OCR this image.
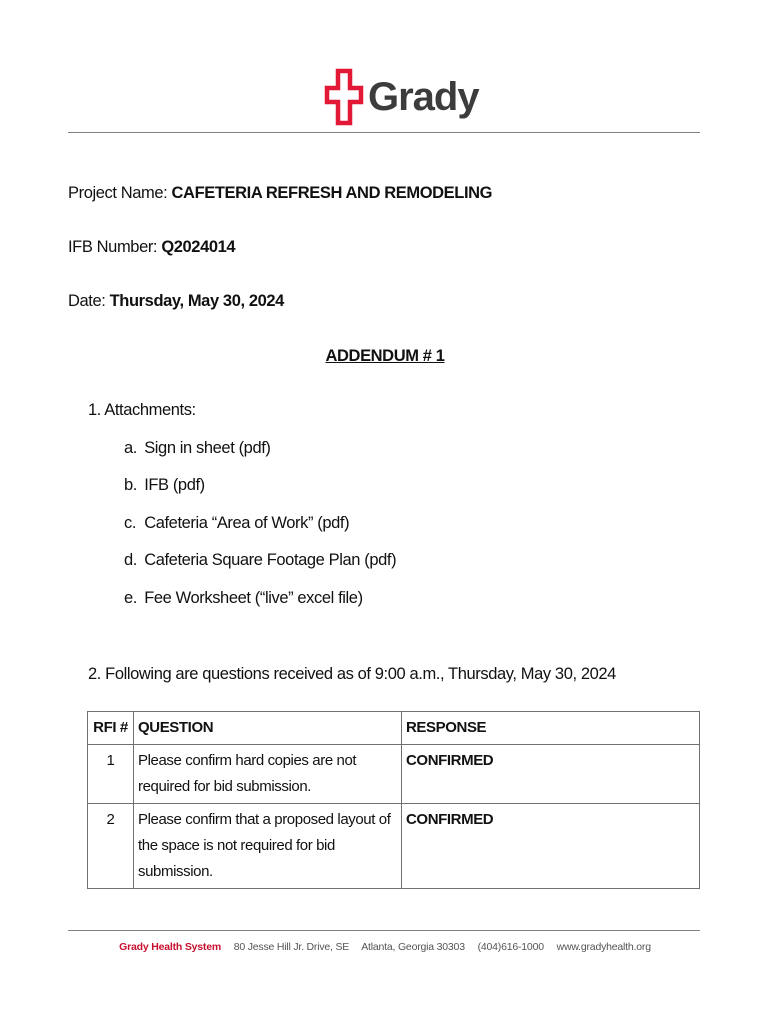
Grady
Project Name: CAFETERIA REFRESH AND REMODELING
IFB Number: Q2024014
Date: Thursday, May 30, 2024
ADDENDUM # 1
1. Attachments:
a. Sign in sheet (pdf)
b. IFB (pdf)
c. Cafeteria “Area of Work” (pdf)
d. Cafeteria Square Footage Plan (pdf)
e. Fee Worksheet (“live” excel file)
2. Following are questions received as of 9:00 a.m., Thursday, May 30, 2024
RFI #	QUESTION	RESPONSE
1	Please confirm hard copies are not required for bid submission.	CONFIRMED
2	Please confirm that a proposed layout of the space is not required for bid submission.	CONFIRMED
Grady Health System 80 Jesse Hill Jr. Drive, SE Atlanta, Georgia 30303 (404)616-1000 www.gradyhealth.org
